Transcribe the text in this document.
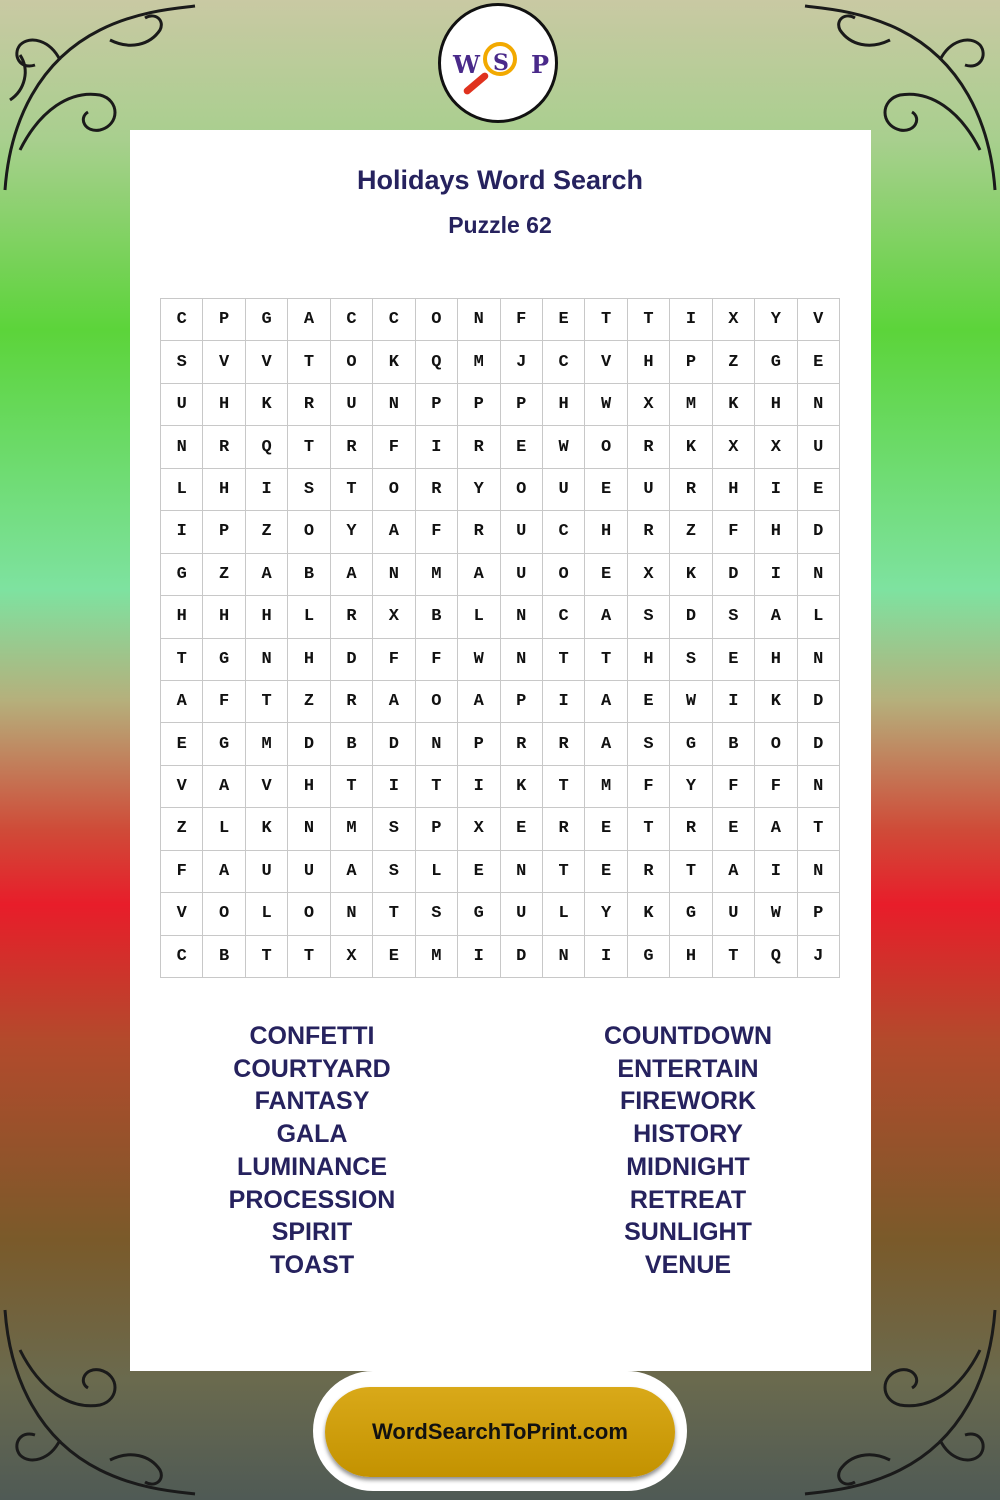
W S P
Holidays Word Search
Puzzle 62
C	P	G	A	C	C	O	N	F	E	T	T	I	X	Y	V
S	V	V	T	O	K	Q	M	J	C	V	H	P	Z	G	E
U	H	K	R	U	N	P	P	P	H	W	X	M	K	H	N
N	R	Q	T	R	F	I	R	E	W	O	R	K	X	X	U
L	H	I	S	T	O	R	Y	O	U	E	U	R	H	I	E
I	P	Z	O	Y	A	F	R	U	C	H	R	Z	F	H	D
G	Z	A	B	A	N	M	A	U	O	E	X	K	D	I	N
H	H	H	L	R	X	B	L	N	C	A	S	D	S	A	L
T	G	N	H	D	F	F	W	N	T	T	H	S	E	H	N
A	F	T	Z	R	A	O	A	P	I	A	E	W	I	K	D
E	G	M	D	B	D	N	P	R	R	A	S	G	B	O	D
V	A	V	H	T	I	T	I	K	T	M	F	Y	F	F	N
Z	L	K	N	M	S	P	X	E	R	E	T	R	E	A	T
F	A	U	U	A	S	L	E	N	T	E	R	T	A	I	N
V	O	L	O	N	T	S	G	U	L	Y	K	G	U	W	P
C	B	T	T	X	E	M	I	D	N	I	G	H	T	Q	J
CONFETTI
COURTYARD
FANTASY
GALA
LUMINANCE
PROCESSION
SPIRIT
TOAST
COUNTDOWN
ENTERTAIN
FIREWORK
HISTORY
MIDNIGHT
RETREAT
SUNLIGHT
VENUE
WordSearchToPrint.com
